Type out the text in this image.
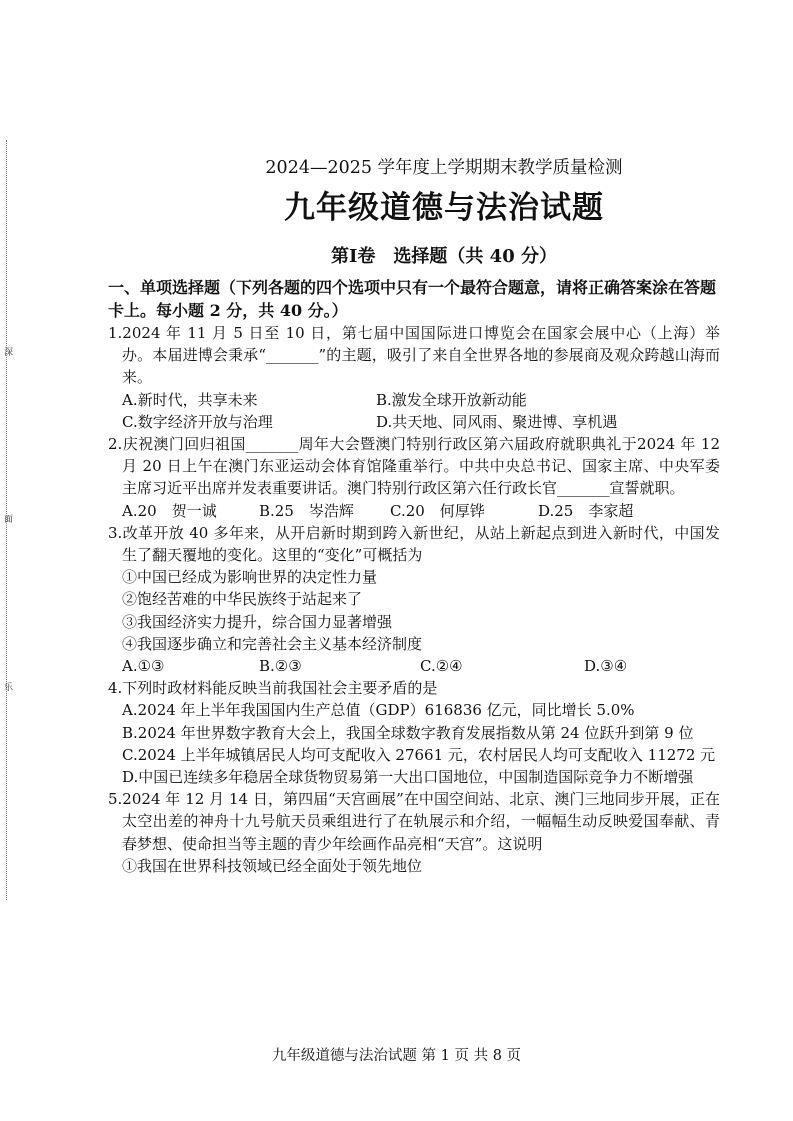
深
面
乐
2024—2025 学年度上学期期末教学质量检测
九年级道德与法治试题
第Ⅰ卷　选择题（共 40 分）
一、单项选择题（下列各题的四个选项中只有一个最符合题意，请将正确答案涂在答题卡上。每小题 2 分，共 40 分。）
1.2024 年 11 月 5 日至 10 日，第七届中国国际进口博览会在国家会展中心（上海）举办。本届进博会秉承“_______”的主题，吸引了来自全世界各地的参展商及观众跨越山海而来。
A.新时代，共享未来	B.激发全球开放新动能
C.数字经济开放与治理	D.共天地、同风雨、聚进博、享机遇
2.庆祝澳门回归祖国_______周年大会暨澳门特别行政区第六届政府就职典礼于2024 年 12 月 20 日上午在澳门东亚运动会体育馆隆重举行。中共中央总书记、国家主席、中央军委主席习近平出席并发表重要讲话。澳门特别行政区第六任行政长官_______宣誓就职。
A.20　贺一诚	B.25　岑浩辉	C.20　何厚铧	D.25　李家超
3.改革开放 40 多年来，从开启新时期到跨入新世纪，从站上新起点到进入新时代，中国发生了翻天覆地的变化。这里的“变化”可概括为
①中国已经成为影响世界的决定性力量
②饱经苦难的中华民族终于站起来了
③我国经济实力提升，综合国力显著增强
④我国逐步确立和完善社会主义基本经济制度
A.①③	B.②③	C.②④	D.③④
4.下列时政材料能反映当前我国社会主要矛盾的是
A.2024 年上半年我国国内生产总值（GDP）616836 亿元，同比增长 5.0%
B.2024 年世界数字教育大会上，我国全球数字教育发展指数从第 24 位跃升到第 9 位
C.2024 上半年城镇居民人均可支配收入 27661 元，农村居民人均可支配收入 11272 元
D.中国已连续多年稳居全球货物贸易第一大出口国地位，中国制造国际竞争力不断增强
5.2024 年 12 月 14 日，第四届“天宫画展”在中国空间站、北京、澳门三地同步开展，正在太空出差的神舟十九号航天员乘组进行了在轨展示和介绍，一幅幅生动反映爱国奉献、青春梦想、使命担当等主题的青少年绘画作品亮相“天宫”。这说明
①我国在世界科技领域已经全面处于领先地位
九年级道德与法治试题 第 1 页 共 8 页
